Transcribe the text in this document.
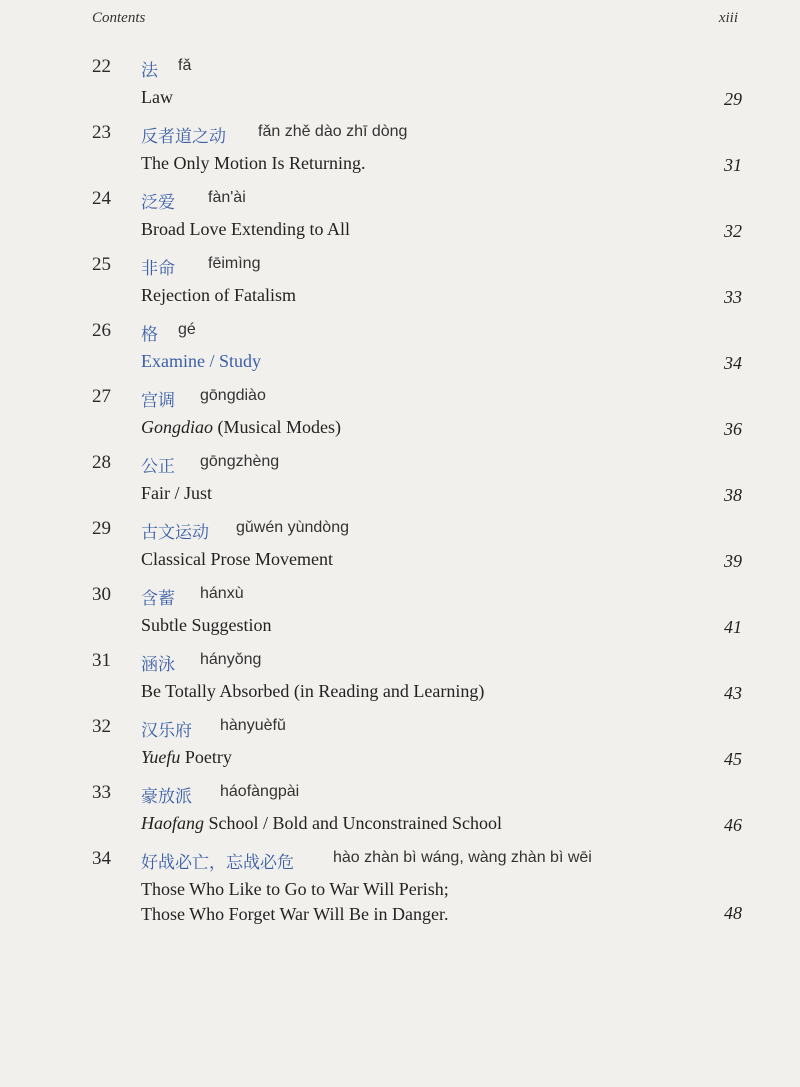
Contents	xiii
22 法 fǎ
Law	29
23 反者道之动 fǎn zhě dào zhī dòng
The Only Motion Is Returning.	31
24 泛爱 fàn'ài
Broad Love Extending to All	32
25 非命 fēimìng
Rejection of Fatalism	33
26 格 gé
Examine / Study	34
27 宫调 gōngdiào
Gongdiao (Musical Modes)	36
28 公正 gōngzhèng
Fair / Just	38
29 古文运动 gǔwén yùndòng
Classical Prose Movement	39
30 含蓄 hánxù
Subtle Suggestion	41
31 涵泳 hányǒng
Be Totally Absorbed (in Reading and Learning)	43
32 汉乐府 hànyuèfǔ
Yuefu Poetry	45
33 豪放派 háofàngpài
Haofang School / Bold and Unconstrained School	46
34 好战必亡，忘战必危 hào zhàn bì wáng, wàng zhàn bì wēi
Those Who Like to Go to War Will Perish;
Those Who Forget War Will Be in Danger.	48
